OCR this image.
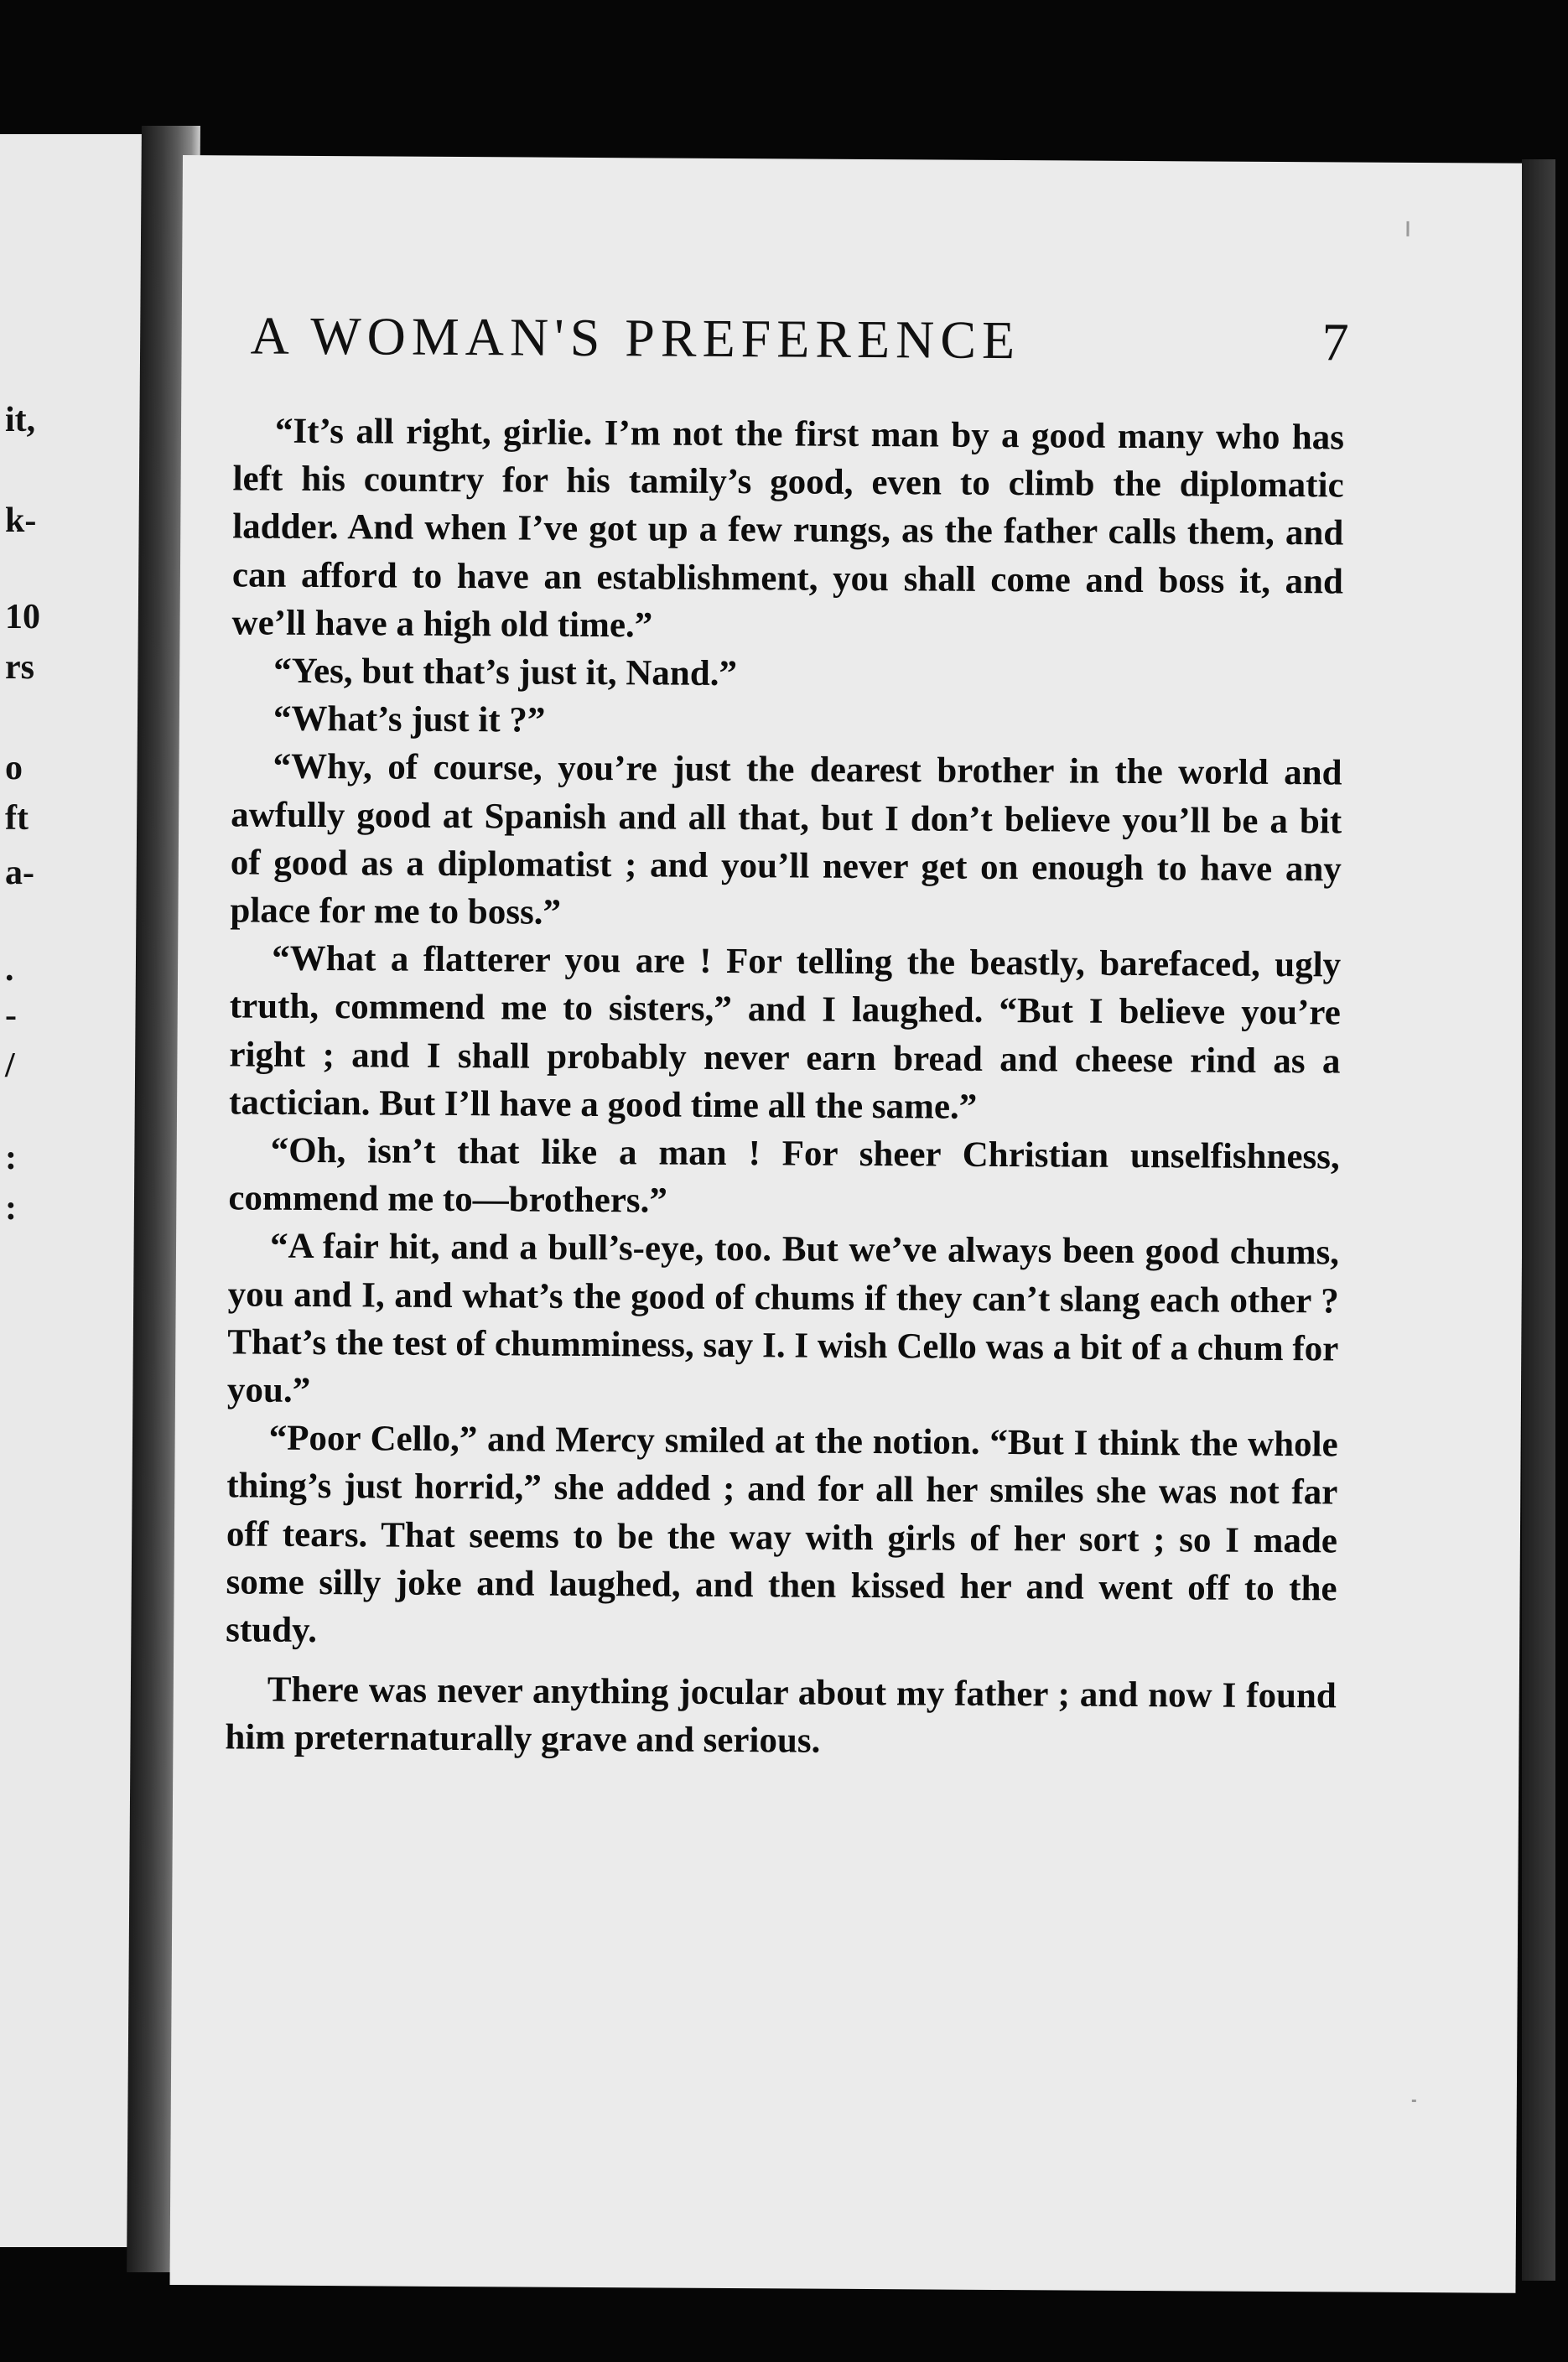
it,
k-
10
rs
o
ft
a-
.
-
/
:
:
A WOMAN'S PREFERENCE	7

“It’s all right, girlie. I’m not the first man by a good many who has left his country for his tamily’s good, even to climb the diplomatic ladder. And when I’ve got up a few rungs, as the father calls them, and can afford to have an establishment, you shall come and boss it, and we’ll have a high old time.”

“Yes, but that’s just it, Nand.”

“What’s just it ?”

“Why, of course, you’re just the dearest brother in the world and awfully good at Spanish and all that, but I don’t believe you’ll be a bit of good as a diplomatist ; and you’ll never get on enough to have any place for me to boss.”

“What a flatterer you are ! For telling the beastly, barefaced, ugly truth, commend me to sisters,” and I laughed. “But I believe you’re right ; and I shall probably never earn bread and cheese rind as a tactician. But I’ll have a good time all the same.”

“Oh, isn’t that like a man ! For sheer Christian unselfishness, commend me to—brothers.”

“A fair hit, and a bull’s-eye, too. But we’ve always been good chums, you and I, and what’s the good of chums if they can’t slang each other ? That’s the test of chumminess, say I. I wish Cello was a bit of a chum for you.”

“Poor Cello,” and Mercy smiled at the notion. “But I think the whole thing’s just horrid,” she added ; and for all her smiles she was not far off tears. That seems to be the way with girls of her sort ; so I made some silly joke and laughed, and then kissed her and went off to the study.

There was never anything jocular about my father ; and now I found him preternaturally grave and serious.
